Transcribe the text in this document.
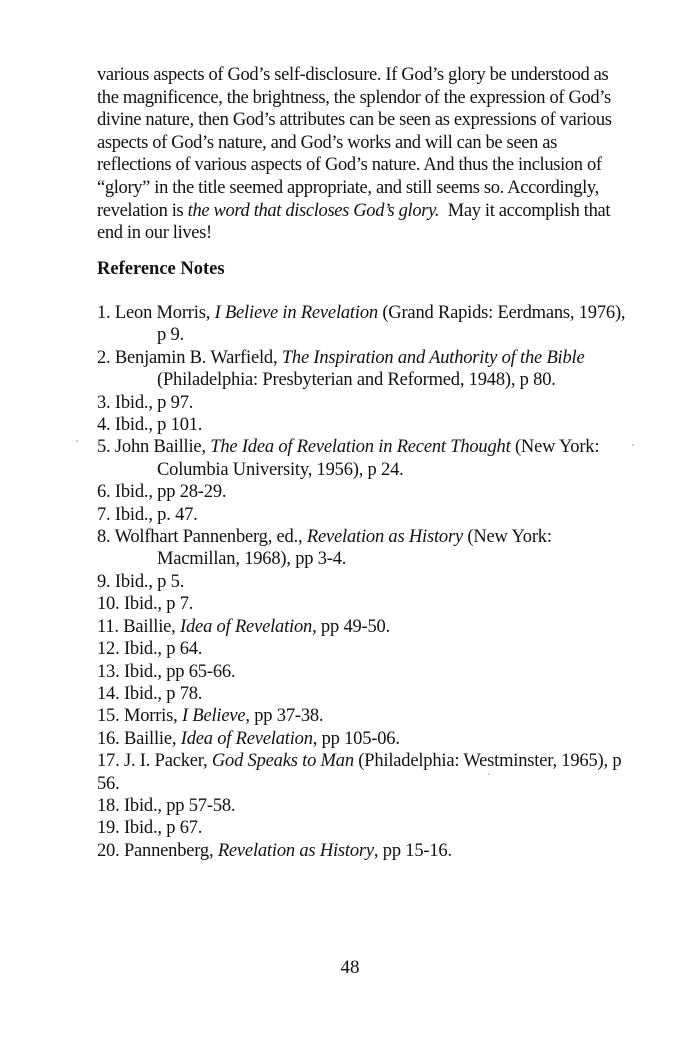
various aspects of God’s self-disclosure. If God’s glory be understood as
the magnificence, the brightness, the splendor of the expression of God’s
divine nature, then God’s attributes can be seen as expressions of various
aspects of God’s nature, and God’s works and will can be seen as
reflections of various aspects of God’s nature. And thus the inclusion of
“glory” in the title seemed appropriate, and still seems so. Accordingly,
revelation is the word that discloses God’s glory.  May it accomplish that
end in our lives!

Reference Notes
1. Leon Morris, I Believe in Revelation (Grand Rapids: Eerdmans, 1976),
p 9.
2. Benjamin B. Warfield, The Inspiration and Authority of the Bible
(Philadelphia: Presbyterian and Reformed, 1948), p 80.
3. Ibid., p 97.
4. Ibid., p 101.
5. John Baillie, The Idea of Revelation in Recent Thought (New York:
Columbia University, 1956), p 24.
6. Ibid., pp 28-29.
7. Ibid., p. 47.
8. Wolfhart Pannenberg, ed., Revelation as History (New York:
Macmillan, 1968), pp 3-4.
9. Ibid., p 5.
10. Ibid., p 7.
11. Baillie, Idea of Revelation, pp 49-50.
12. Ibid., p 64.
13. Ibid., pp 65-66.
14. Ibid., p 78.
15. Morris, I Believe, pp 37-38.
16. Baillie, Idea of Revelation, pp 105-06.
17. J. I. Packer, God Speaks to Man (Philadelphia: Westminster, 1965), p
56.
18. Ibid., pp 57-58.
19. Ibid., p 67.
20. Pannenberg, Revelation as History, pp 15-16.

48
